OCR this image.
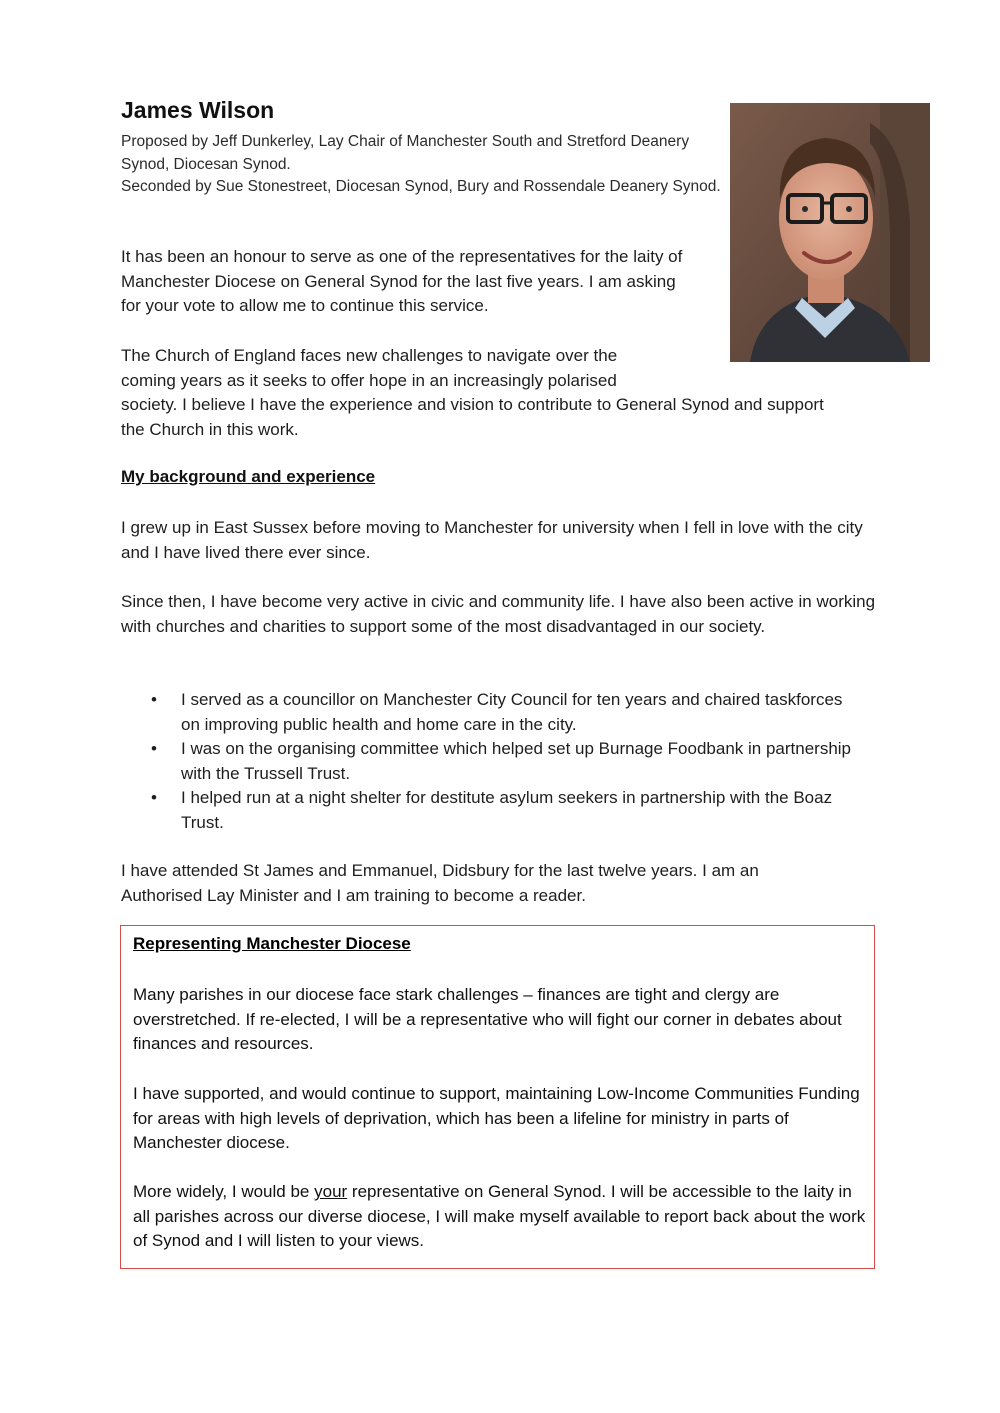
James Wilson
Proposed by Jeff Dunkerley, Lay Chair of Manchester South and Stretford Deanery Synod, Diocesan Synod.
Seconded by Sue Stonestreet, Diocesan Synod, Bury and Rossendale Deanery Synod.

It has been an honour to serve as one of the representatives for the laity of Manchester Diocese on General Synod for the last five years. I am asking for your vote to allow me to continue this service.

The Church of England faces new challenges to navigate over the
coming years as it seeks to offer hope in an increasingly polarised
society. I believe I have the experience and vision to contribute to General Synod and support the Church in this work.
My background and experience

I grew up in East Sussex before moving to Manchester for university when I fell in love with the city and I have lived there ever since.

Since then, I have become very active in civic and community life. I have also been active in working with churches and charities to support some of the most disadvantaged in our society.

• I served as a councillor on Manchester City Council for ten years and chaired taskforces on improving public health and home care in the city.
• I was on the organising committee which helped set up Burnage Foodbank in partnership with the Trussell Trust.
• I helped run at a night shelter for destitute asylum seekers in partnership with the Boaz Trust.

I have attended St James and Emmanuel, Didsbury for the last twelve years. I am an Authorised Lay Minister and I am training to become a reader.

Representing Manchester Diocese

Many parishes in our diocese face stark challenges – finances are tight and clergy are overstretched. If re-elected, I will be a representative who will fight our corner in debates about finances and resources.

I have supported, and would continue to support, maintaining Low-Income Communities Funding for areas with high levels of deprivation, which has been a lifeline for ministry in parts of Manchester diocese.

More widely, I would be your representative on General Synod. I will be accessible to the laity in all parishes across our diverse diocese, I will make myself available to report back about the work of Synod and I will listen to your views.
